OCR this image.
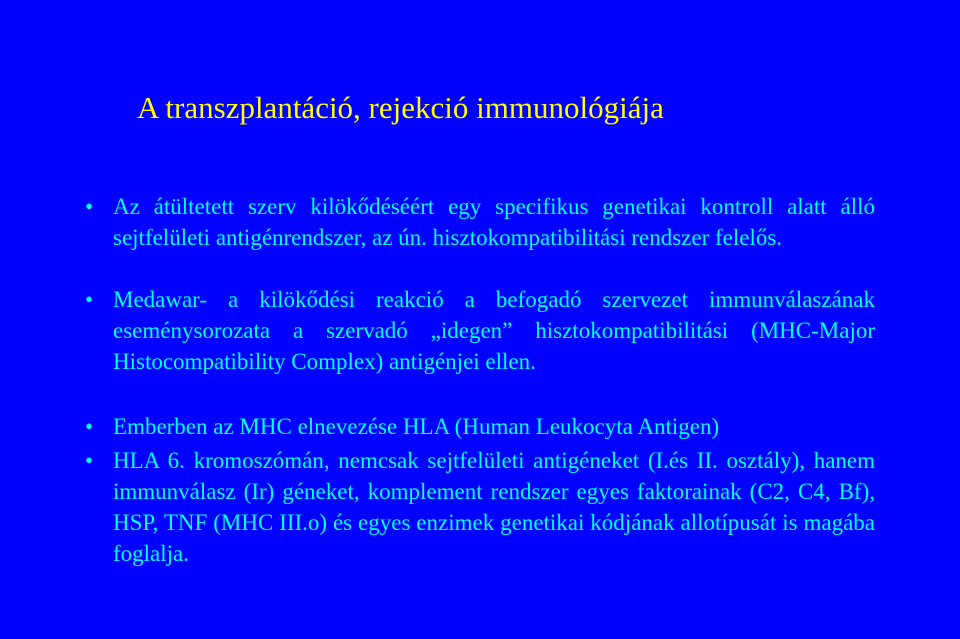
A transzplantáció, rejekció immunológiája
• Az átültetett szerv kilökődéséért egy specifikus genetikai kontroll alatt álló sejtfelületi antigénrendszer, az ún. hisztokompatibilitási rendszer felelős.
• Medawar- a kilökődési reakció a befogadó szervezet immunválaszának eseménysorozata a szervadó „idegen” hisztokompatibilitási (MHC-Major Histocompatibility Complex) antigénjei ellen.
• Emberben az MHC elnevezése HLA (Human Leukocyta Antigen)
• HLA 6. kromoszómán, nemcsak sejtfelületi antigéneket (I.és II. osztály), hanem immunválasz (Ir) géneket, komplement rendszer egyes faktorainak (C2, C4, Bf), HSP, TNF (MHC III.o) és egyes enzimek genetikai kódjának allotípusát is magába foglalja.
